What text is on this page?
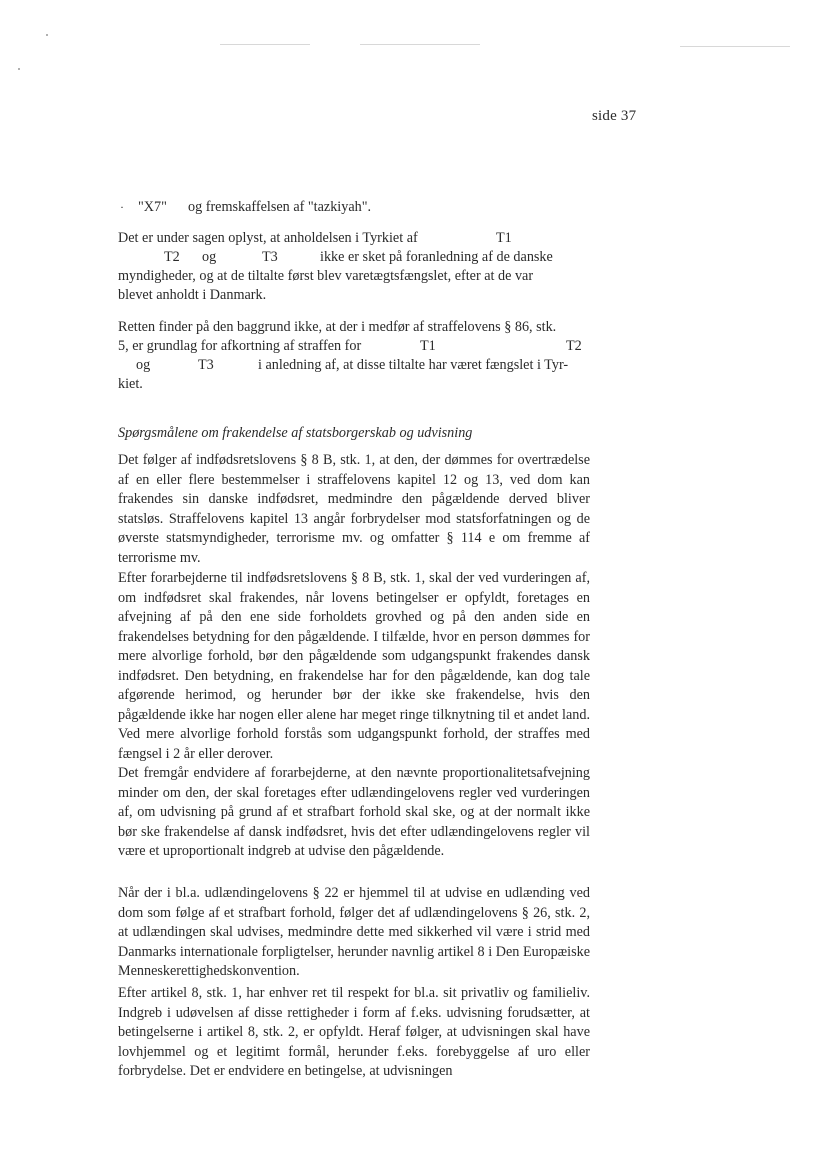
side 37
· "X7" og fremskaffelsen af "tazkiyah".
Det er under sagen oplyst, at anholdelsen i Tyrkiet af	T1
T2 og	T3	ikke er sket på foranledning af de danske
myndigheder, og at de tiltalte først blev varetægtsfængslet, efter at de var
blevet anholdt i Danmark.
Retten finder på den baggrund ikke, at der i medfør af straffelovens § 86, stk.
5, er grundlag for afkortning af straffen for	T1	T2
og	T3	i anledning af, at disse tiltalte har været fængslet i Tyr-
kiet.
Spørgsmålene om frakendelse af statsborgerskab og udvisning

Det følger af indfødsretslovens § 8 B, stk. 1, at den, der dømmes for overtrædelse af en eller flere bestemmelser i straffelovens kapitel 12 og 13, ved dom kan frakendes sin danske indfødsret, medmindre den pågældende derved bliver statsløs. Straffelovens kapitel 13 angår forbrydelser mod statsforfatningen og de øverste statsmyndigheder, terrorisme mv. og omfatter § 114 e om fremme af terrorisme mv.

Efter forarbejderne til indfødsretslovens § 8 B, stk. 1, skal der ved vurderingen af, om indfødsret skal frakendes, når lovens betingelser er opfyldt, foretages en afvejning af på den ene side forholdets grovhed og på den anden side en frakendelses betydning for den pågældende. I tilfælde, hvor en person dømmes for mere alvorlige forhold, bør den pågældende som udgangspunkt frakendes dansk indfødsret. Den betydning, en frakendelse har for den pågældende, kan dog tale afgørende herimod, og herunder bør der ikke ske frakendelse, hvis den pågældende ikke har nogen eller alene har meget ringe tilknytning til et andet land. Ved mere alvorlige forhold forstås som udgangspunkt forhold, der straffes med fængsel i 2 år eller derover.

Det fremgår endvidere af forarbejderne, at den nævnte proportionalitetsafvejning minder om den, der skal foretages efter udlændingelovens regler ved vurderingen af, om udvisning på grund af et strafbart forhold skal ske, og at der normalt ikke bør ske frakendelse af dansk indfødsret, hvis det efter udlændingelovens regler vil være et uproportionalt indgreb at udvise den pågældende.

Når der i bl.a. udlændingelovens § 22 er hjemmel til at udvise en udlænding ved dom som følge af et strafbart forhold, følger det af udlændingelovens § 26, stk. 2, at udlændingen skal udvises, medmindre dette med sikkerhed vil være i strid med Danmarks internationale forpligtelser, herunder navnlig artikel 8 i Den Europæiske Menneskerettighedskonvention.

Efter artikel 8, stk. 1, har enhver ret til respekt for bl.a. sit privatliv og familieliv. Indgreb i udøvelsen af disse rettigheder i form af f.eks. udvisning forudsætter, at betingelserne i artikel 8, stk. 2, er opfyldt. Heraf følger, at udvisningen skal have lovhjemmel og et legitimt formål, herunder f.eks. forebyggelse af uro eller forbrydelse. Det er endvidere en betingelse, at udvisningen
